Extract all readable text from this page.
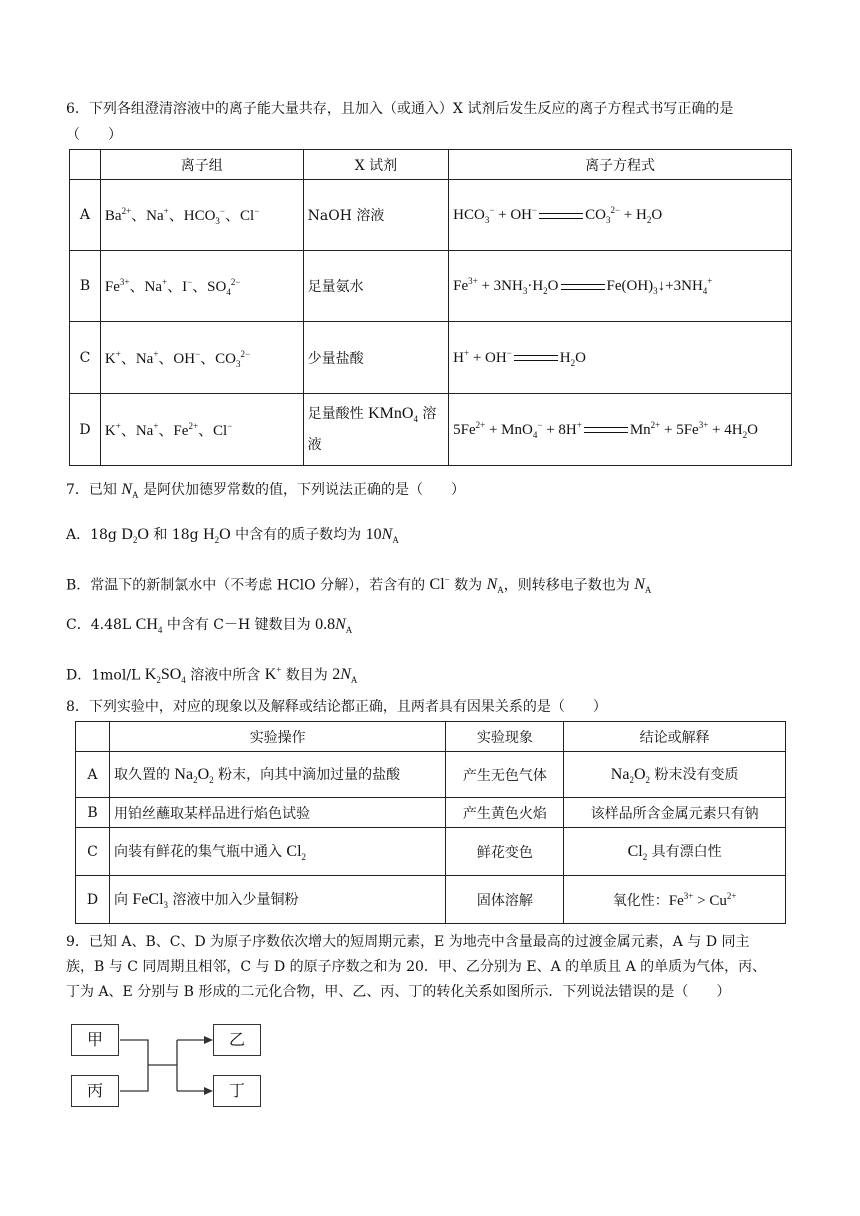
6．下列各组澄清溶液中的离子能大量共存，且加入（或通入）X 试剂后发生反应的离子方程式书写正确的是
（　　）
	离子组	X 试剂	离子方程式
A	$Ba^{2+}$、Na+、$HCO_3^-$、Cl−	NaOH 溶液	$HCO_3^- + OH^-$ $CO_3^{2-} + H_2O$
B	$Fe^{3+}$、Na+、I−、$SO_4^{2-}$	足量氨水	$Fe^{3+} + 3NH_3\cdot H_2O$ $Fe(OH)_3↓+3NH_4^+$
C	K+、Na+、OH−、$CO_3^{2-}$	少量盐酸	H+ + OH− $H_2O$
D	K+、Na+、$Fe^{2+}$、Cl−	足量酸性 KMnO$_4$ 溶液	$5Fe^{2+} + MnO_4^- + 8H^+$ $Mn^{2+} + 5Fe^{3+} + 4H_2O$
7．已知 $N_A$ 是阿伏加德罗常数的值，下列说法正确的是（　　）
A．18g $D_2O$ 和 18g $H_2O$ 中含有的质子数均为 $10N_A$
B．常温下的新制氯水中（不考虑 HClO 分解），若含有的 Cl− 数为 $N_A$，则转移电子数也为 $N_A$
C．4.48L $CH_4$ 中含有 C－H 键数目为 $0.8N_A$
D．1mol/L $K_2SO_4$ 溶液中所含 K+ 数目为 $2N_A$
8．下列实验中，对应的现象以及解释或结论都正确，且两者具有因果关系的是（　　）
	实验操作	实验现象	结论或解释
A	取久置的 $Na_2O_2$ 粉末，向其中滴加过量的盐酸	产生无色气体	$Na_2O_2$ 粉末没有变质
B	用铂丝蘸取某样品进行焰色试验	产生黄色火焰	该样品所含金属元素只有钠
C	向装有鲜花的集气瓶中通入 $Cl_2$	鲜花变色	$Cl_2$ 具有漂白性
D	向 FeCl$_3$ 溶液中加入少量铜粉	固体溶解	氧化性：$Fe^{3+} > Cu^{2+}$
9．已知 A、B、C、D 为原子序数依次增大的短周期元素，E 为地壳中含量最高的过渡金属元素，A 与 D 同主
族，B 与 C 同周期且相邻，C 与 D 的原子序数之和为 20．甲、乙分别为 E、A 的单质且 A 的单质为气体，丙、
丁为 A、E 分别与 B 形成的二元化合物，甲、乙、丙、丁的转化关系如图所示．下列说法错误的是（　　）
甲
丙
乙
丁
